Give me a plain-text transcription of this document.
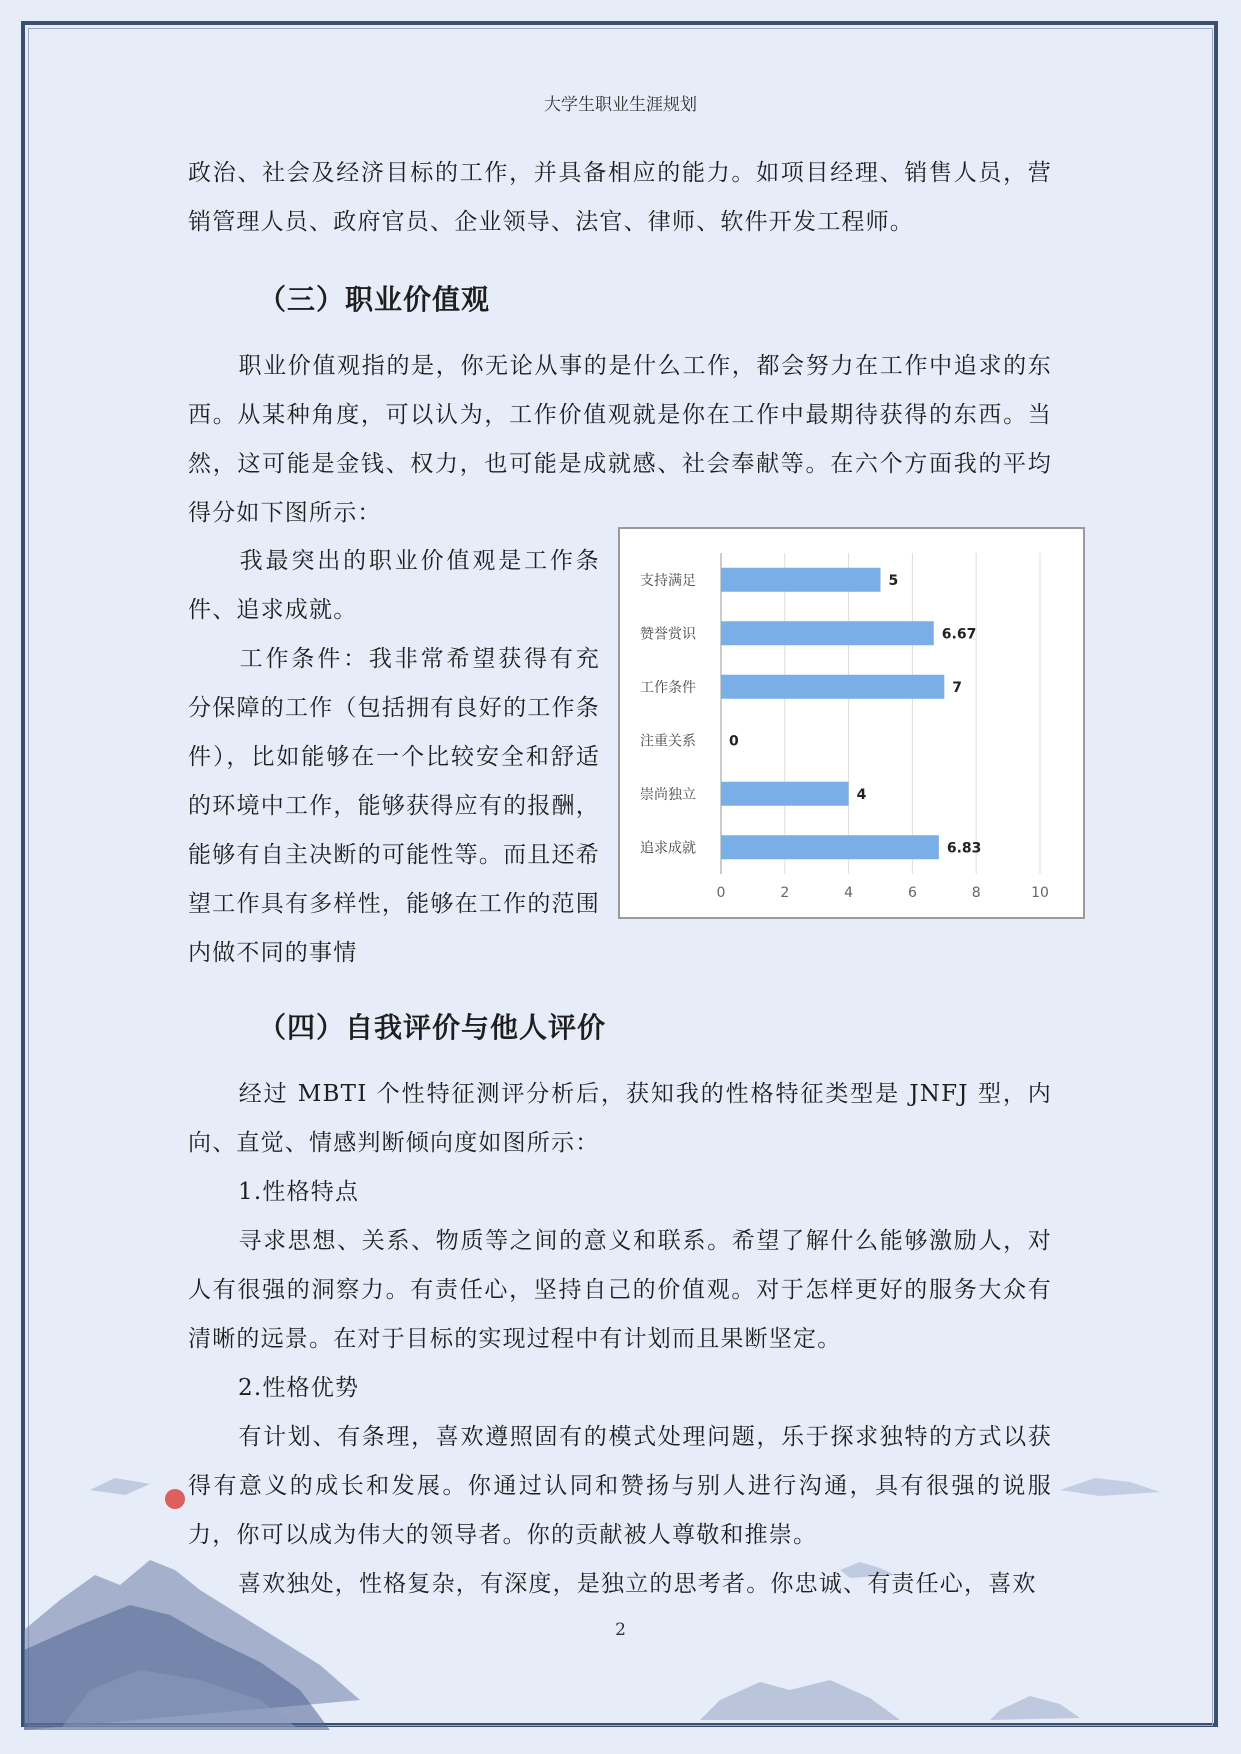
大学生职业生涯规划
政治、社会及经济目标的工作，并具备相应的能力。如项目经理、销售人员，营销管理人员、政府官员、企业领导、法官、律师、软件开发工程师。
（三）职业价值观
职业价值观指的是，你无论从事的是什么工作，都会努力在工作中追求的东西。从某种角度，可以认为，工作价值观就是你在工作中最期待获得的东西。当然，这可能是金钱、权力，也可能是成就感、社会奉献等。在六个方面我的平均得分如下图所示：
我最突出的职业价值观是工作条件、追求成就。
工作条件：我非常希望获得有充分保障的工作（包括拥有良好的工作条件），比如能够在一个比较安全和舒适的环境中工作，能够获得应有的报酬，能够有自主决断的可能性等。而且还希望工作具有多样性，能够在工作的范围内做不同的事情
0	2	4	6	8	10
支持满足	5
赞誉赏识	6.67
工作条件	7
注重关系 0
崇尚独立	4
追求成就	6.83
（四）自我评价与他人评价
经过 MBTI 个性特征测评分析后，获知我的性格特征类型是 JNFJ 型，内向、直觉、情感判断倾向度如图所示：
1.性格特点
寻求思想、关系、物质等之间的意义和联系。希望了解什么能够激励人，对人有很强的洞察力。有责任心，坚持自己的价值观。对于怎样更好的服务大众有清晰的远景。在对于目标的实现过程中有计划而且果断坚定。
2.性格优势
有计划、有条理，喜欢遵照固有的模式处理问题，乐于探求独特的方式以获得有意义的成长和发展。你通过认同和赞扬与别人进行沟通，具有很强的说服力，你可以成为伟大的领导者。你的贡献被人尊敬和推崇。
喜欢独处，性格复杂，有深度，是独立的思考者。你忠诚、有责任心，喜欢
2
